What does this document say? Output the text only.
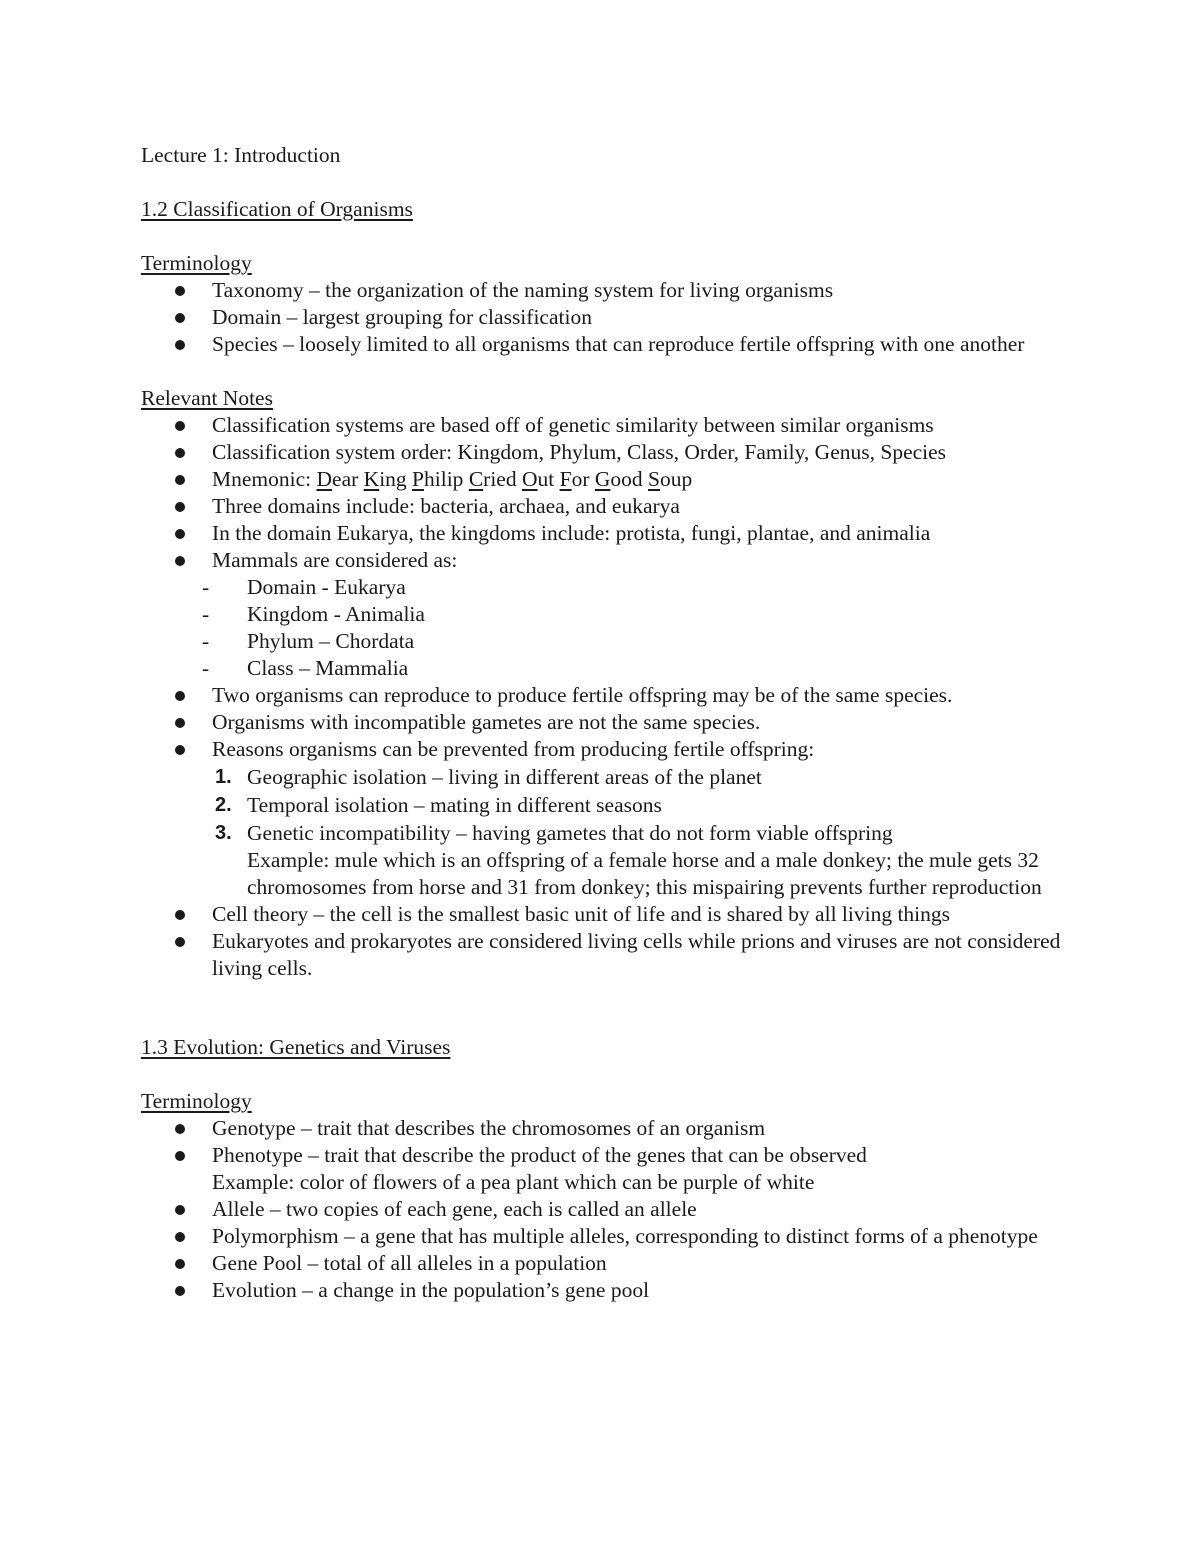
Lecture 1: Introduction

1.2 Classification of Organisms

Terminology

Taxonomy – the organization of the naming system for living organisms
Domain – largest grouping for classification
Species – loosely limited to all organisms that can reproduce fertile offspring with one another

Relevant Notes

Classification systems are based off of genetic similarity between similar organisms
Classification system order: Kingdom, Phylum, Class, Order, Family, Genus, Species
Mnemonic: Dear King Philip Cried Out For Good Soup
Three domains include: bacteria, archaea, and eukarya
In the domain Eukarya, the kingdoms include: protista, fungi, plantae, and animalia
Mammals are considered as:
- Domain - Eukarya
- Kingdom - Animalia
- Phylum – Chordata
- Class – Mammalia
Two organisms can reproduce to produce fertile offspring may be of the same species.
Organisms with incompatible gametes are not the same species.
Reasons organisms can be prevented from producing fertile offspring:
1. Geographic isolation – living in different areas of the planet
2. Temporal isolation – mating in different seasons
3. Genetic incompatibility – having gametes that do not form viable offspring
Example: mule which is an offspring of a female horse and a male donkey; the mule gets 32 chromosomes from horse and 31 from donkey; this mispairing prevents further reproduction
Cell theory – the cell is the smallest basic unit of life and is shared by all living things
Eukaryotes and prokaryotes are considered living cells while prions and viruses are not considered living cells.

1.3 Evolution: Genetics and Viruses

Terminology

Genotype – trait that describes the chromosomes of an organism
Phenotype – trait that describe the product of the genes that can be observed
Example: color of flowers of a pea plant which can be purple of white
Allele – two copies of each gene, each is called an allele
Polymorphism – a gene that has multiple alleles, corresponding to distinct forms of a phenotype
Gene Pool – total of all alleles in a population
Evolution – a change in the population’s gene pool
